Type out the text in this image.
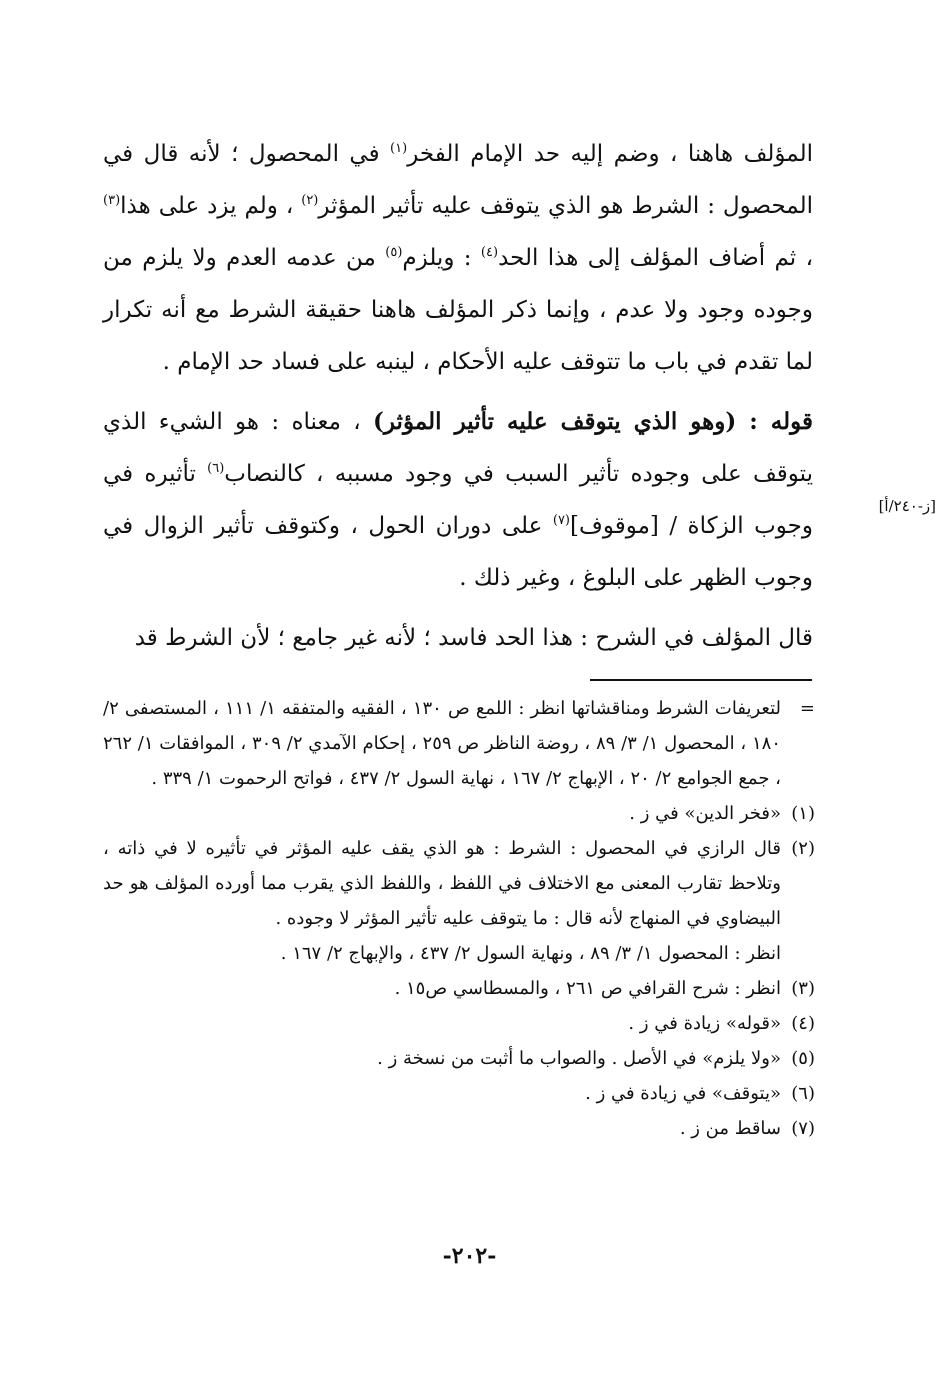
المؤلف هاهنا ، وضم إليه حد الإمام الفخر$^{(١)}$ في المحصول ؛ لأنه قال في المحصول : الشرط هو الذي يتوقف عليه تأثير المؤثر$^{(٢)}$ ، ولم يزد على هذا$^{(٣)}$ ، ثم أضاف المؤلف إلى هذا الحد$^{(٤)}$ : ويلزم$^{(٥)}$ من عدمه العدم ولا يلزم من وجوده وجود ولا عدم ، وإنما ذكر المؤلف هاهنا حقيقة الشرط مع أنه تكرار لما تقدم في باب ما تتوقف عليه الأحكام ، لينبه على فساد حد الإمام .

قوله : (وهو الذي يتوقف عليه تأثير المؤثر) ، معناه : هو الشيء الذي يتوقف على وجوده تأثير السبب في وجود مسببه ، كالنصاب$^{(٦)}$ تأثيره في وجوب الزكاة / [موقوف]$^{(٧)}$ على دوران الحول ، وكتوقف تأثير الزوال في وجوب الظهر على البلوغ ، وغير ذلك .

قال المؤلف في الشرح : هذا الحد فاسد ؛ لأنه غير جامع ؛ لأن الشرط قد

[ز-٢٤٠/أ]
=

لتعريفات الشرط ومناقشاتها انظر : اللمع ص ١٣٠ ، الفقيه والمتفقه ١/ ١١١ ، المستصفى ٢/ ١٨٠ ، المحصول ١/ ٣/ ٨٩ ، روضة الناظر ص ٢٥٩ ، إحكام الآمدي ٢/ ٣٠٩ ، الموافقات ١/ ٢٦٢ ، جمع الجوامع ٢/ ٢٠ ، الإبهاج ٢/ ١٦٧ ، نهاية السول ٢/ ٤٣٧ ، فواتح الرحموت ١/ ٣٣٩ .

(١)

«فخر الدين» في ز .

(٢)

قال الرازي في المحصول : الشرط : هو الذي يقف عليه المؤثر في تأثيره لا في ذاته ، وتلاحظ تقارب المعنى مع الاختلاف في اللفظ ، واللفظ الذي يقرب مما أورده المؤلف هو حد البيضاوي في المنهاج لأنه قال : ما يتوقف عليه تأثير المؤثر لا وجوده .

انظر : المحصول ١/ ٣/ ٨٩ ، ونهاية السول ٢/ ٤٣٧ ، والإبهاج ٢/ ١٦٧ .

(٣)

انظر : شرح القرافي ص ٢٦١ ، والمسطاسي ص١٥ .

(٤)

«قوله» زيادة في ز .

(٥)

«ولا يلزم» في الأصل . والصواب ما أثبت من نسخة ز .

(٦)

«يتوقف» في زيادة في ز .

(٧)

ساقط من ز .

-٢٠٢-
